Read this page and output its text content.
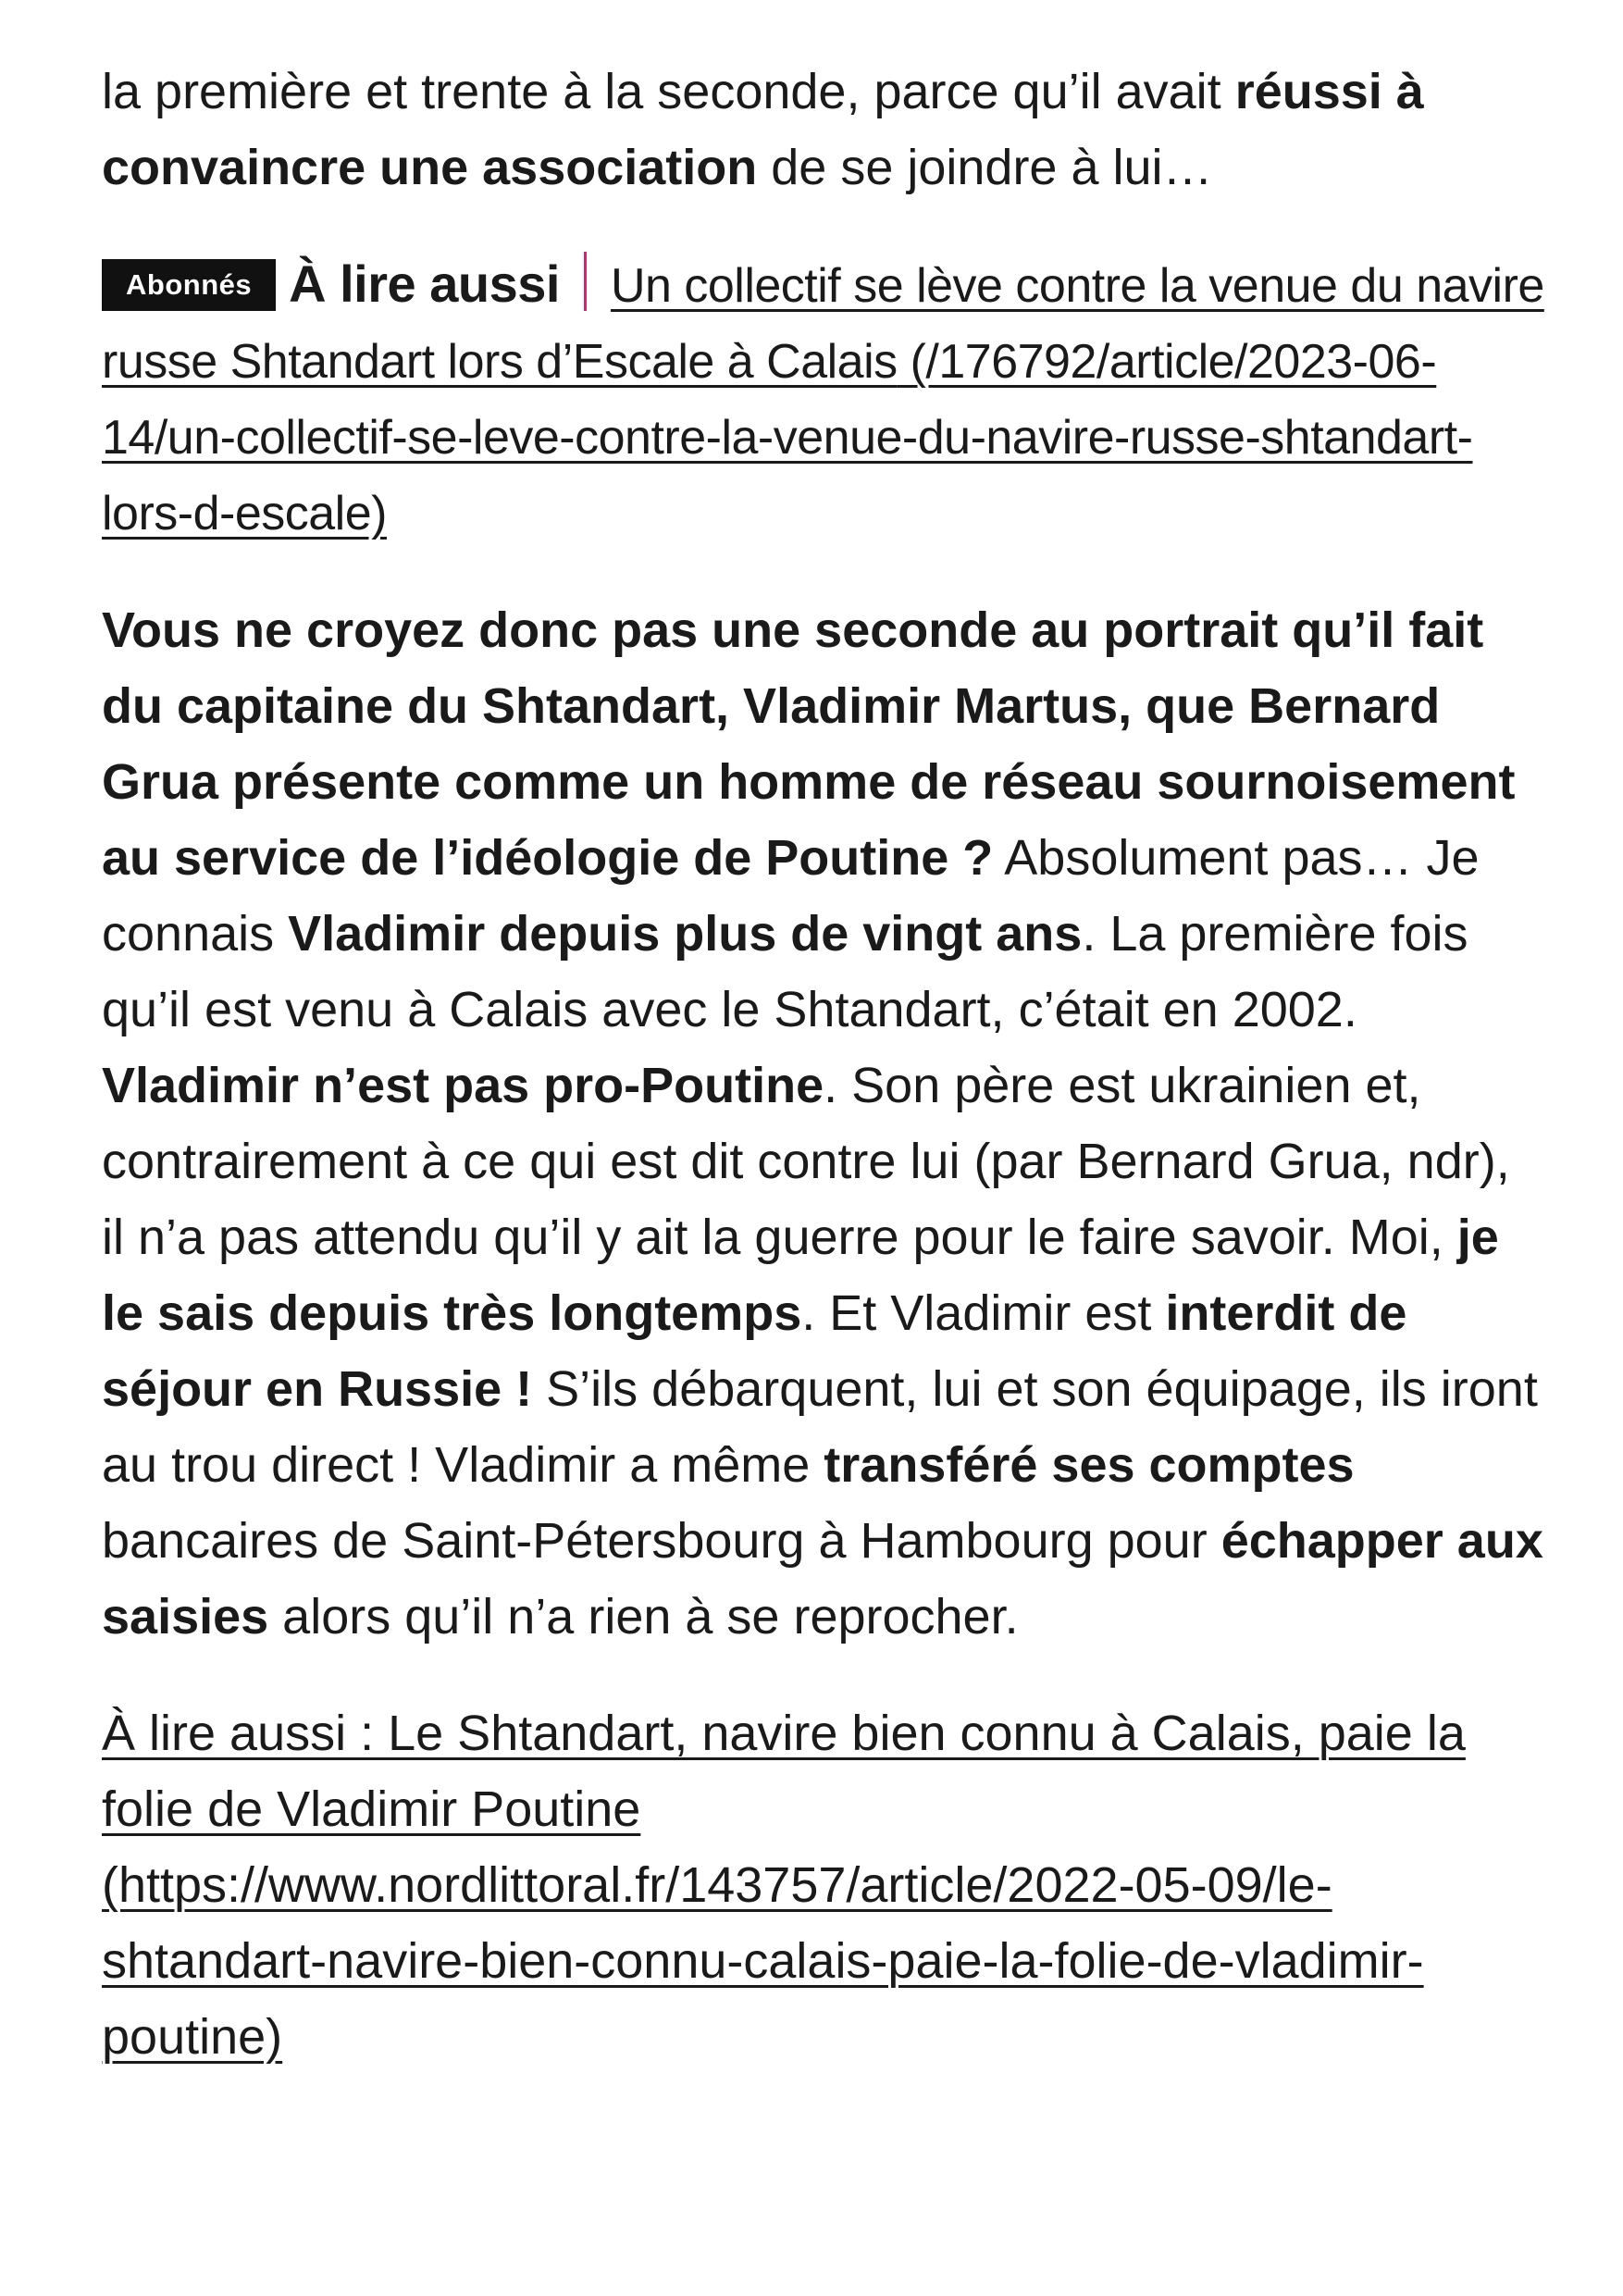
la première et trente à la seconde, parce qu’il avait réussi à convaincre une association de se joindre à lui…

Abonnés À lire aussi Un collectif se lève contre la venue du navire russe Shtandart lors d’Escale à Calais (/176792/article/2023-06-14/un-collectif-se-leve-contre-la-venue-du-navire-russe-shtandart-lors-d-escale)

Vous ne croyez donc pas une seconde au portrait qu’il fait du capitaine du Shtandart, Vladimir Martus, que Bernard Grua présente comme un homme de réseau sournoisement au service de l’idéologie de Poutine ? Absolument pas… Je connais Vladimir depuis plus de vingt ans. La première fois qu’il est venu à Calais avec le Shtandart, c’était en 2002. Vladimir n’est pas pro-Poutine. Son père est ukrainien et, contrairement à ce qui est dit contre lui (par Bernard Grua, ndr), il n’a pas attendu qu’il y ait la guerre pour le faire savoir. Moi, je le sais depuis très longtemps. Et Vladimir est interdit de séjour en Russie ! S’ils débarquent, lui et son équipage, ils iront au trou direct ! Vladimir a même transféré ses comptes bancaires de Saint-Pétersbourg à Hambourg pour échapper aux saisies alors qu’il n’a rien à se reprocher.

À lire aussi : Le Shtandart, navire bien connu à Calais, paie la folie de Vladimir Poutine (https://www.nordlittoral.fr/143757/article/2022-05-09/le-shtandart-navire-bien-connu-calais-paie-la-folie-de-vladimir-poutine)
